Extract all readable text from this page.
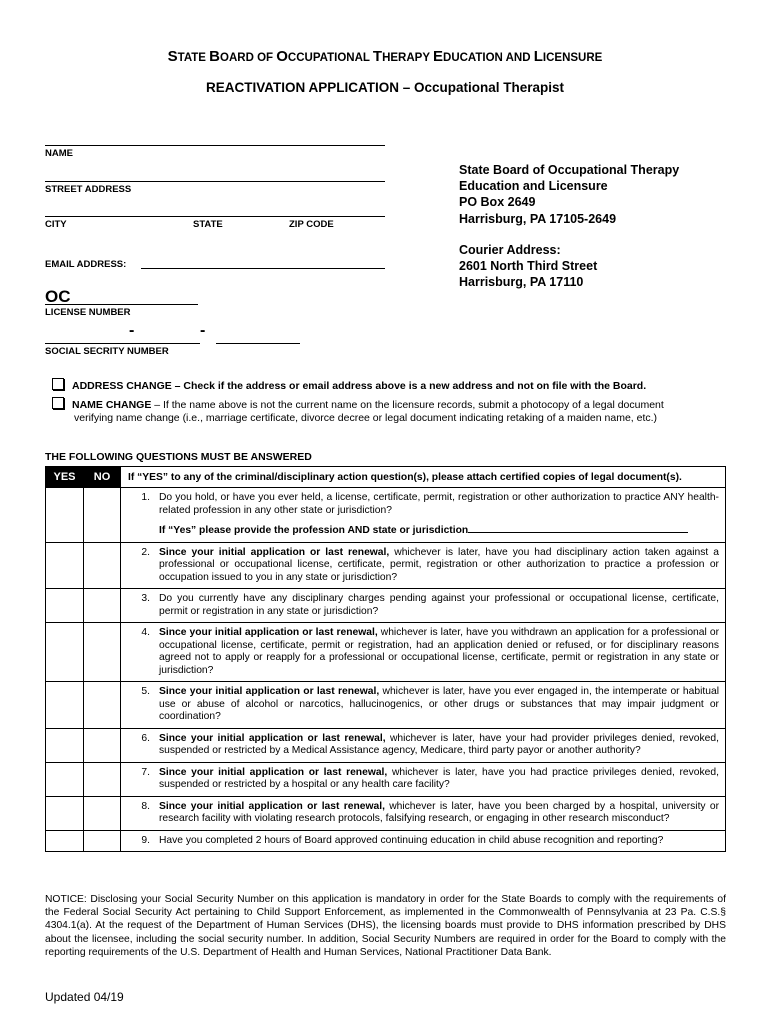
STATE BOARD OF OCCUPATIONAL THERAPY EDUCATION AND LICENSURE
REACTIVATION APPLICATION – Occupational Therapist
NAME
STREET ADDRESS
CITY	STATE	ZIP CODE
EMAIL ADDRESS:
OC
LICENSE NUMBER
-	-
SOCIAL SECRITY NUMBER
State Board of Occupational Therapy
Education and Licensure
PO Box 2649
Harrisburg, PA 17105-2649
Courier Address:
2601 North Third Street
Harrisburg, PA 17110
ADDRESS CHANGE – Check if the address or email address above is a new address and not on file with the Board.
NAME CHANGE – If the name above is not the current name on the licensure records, submit a photocopy of a legal document
verifying name change (i.e., marriage certificate, divorce decree or legal document indicating retaking of a maiden name, etc.)
THE FOLLOWING QUESTIONS MUST BE ANSWERED
YES	NO	If “YES” to any of the criminal/disciplinary action question(s), please attach certified copies of legal document(s).

		1. Do you hold, or have you ever held, a license, certificate, permit, registration or other authorization to practice ANY health-related profession in any other state or jurisdiction?
If “Yes” please provide the profession AND state or jurisdiction

		2. Since your initial application or last renewal, whichever is later, have you had disciplinary action taken against a professional or occupational license, certificate, permit, registration or other authorization to practice a profession or occupation issued to you in any state or jurisdiction?

		3. Do you currently have any disciplinary charges pending against your professional or occupational license, certificate, permit or registration in any state or jurisdiction?

		4. Since your initial application or last renewal, whichever is later, have you withdrawn an application for a professional or occupational license, certificate, permit or registration, had an application denied or refused, or for disciplinary reasons agreed not to apply or reapply for a professional or occupational license, certificate, permit or registration in any state or jurisdiction?

		5. Since your initial application or last renewal, whichever is later, have you ever engaged in, the intemperate or habitual use or abuse of alcohol or narcotics, hallucinogenics, or other drugs or substances that may impair judgment or coordination?

		6. Since your initial application or last renewal, whichever is later, have your had provider privileges denied, revoked, suspended or restricted by a Medical Assistance agency, Medicare, third party payor or another authority?

		7. Since your initial application or last renewal, whichever is later, have you had practice privileges denied, revoked, suspended or restricted by a hospital or any health care facility?

		8. Since your initial application or last renewal, whichever is later, have you been charged by a hospital, university or research facility with violating research protocols, falsifying research, or engaging in other research misconduct?

		9. Have you completed 2 hours of Board approved continuing education in child abuse recognition and reporting?
NOTICE: Disclosing your Social Security Number on this application is mandatory in order for the State Boards to comply with the requirements of the Federal Social Security Act pertaining to Child Support Enforcement, as implemented in the Commonwealth of Pennsylvania at 23 Pa. C.S.§ 4304.1(a). At the request of the Department of Human Services (DHS), the licensing boards must provide to DHS information prescribed by DHS about the licensee, including the social security number. In addition, Social Security Numbers are required in order for the Board to comply with the reporting requirements of the U.S. Department of Health and Human Services, National Practitioner Data Bank.
Updated 04/19
